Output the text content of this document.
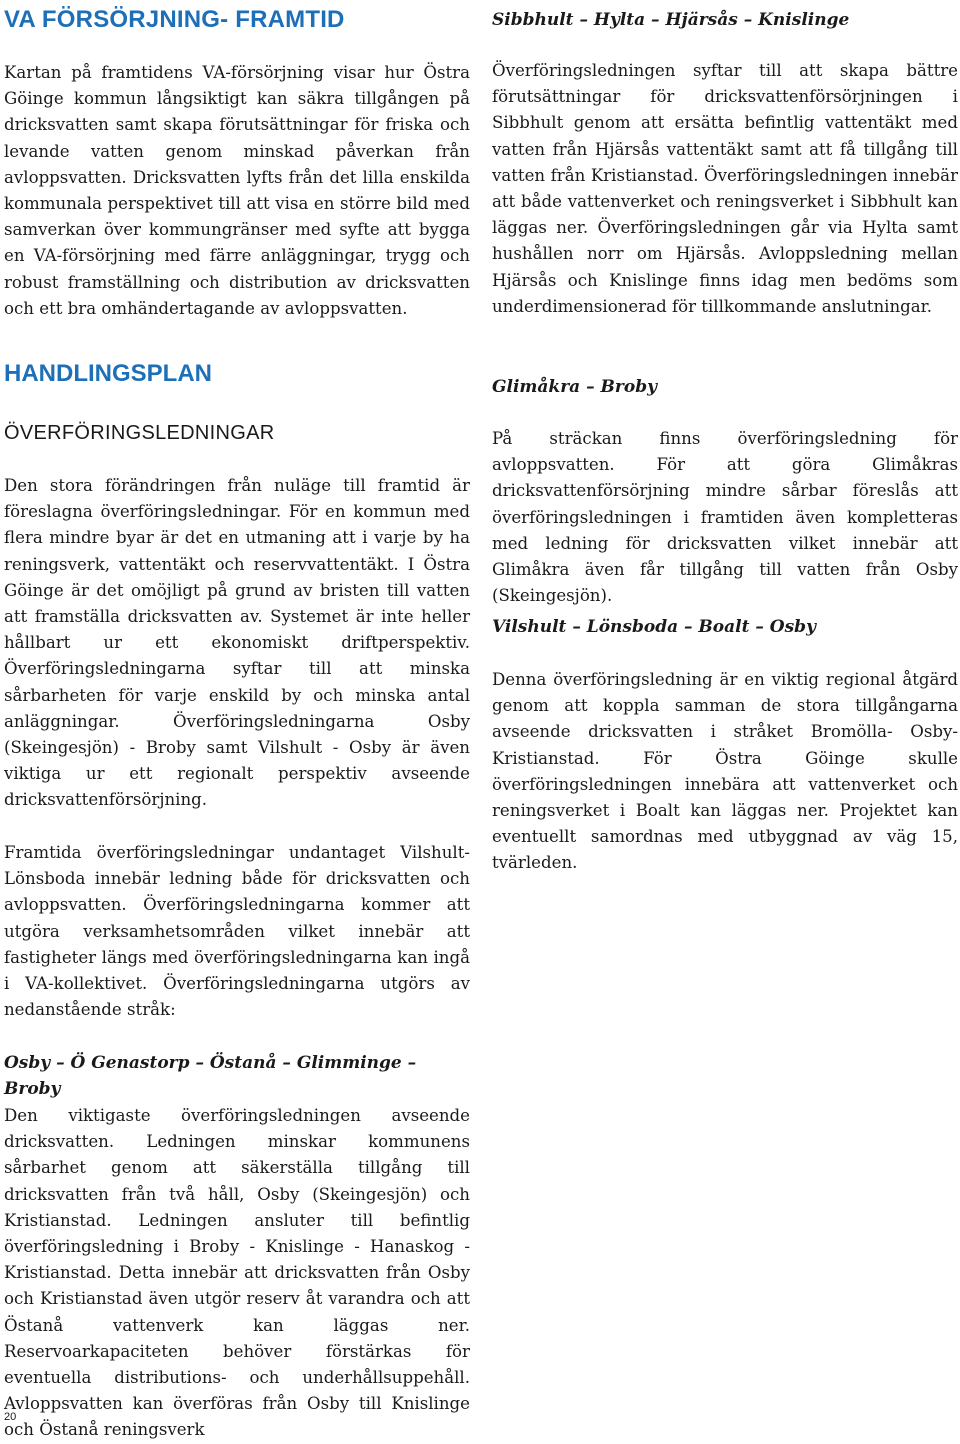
VA FÖRSÖRJNING- FRAMTID

Kartan på framtidens VA-försörjning visar hur Östra Göinge kommun långsiktigt kan säkra tillgången på dricksvatten samt skapa förutsättningar för friska och levande vatten genom minskad påverkan från avloppsvatten. Dricksvatten lyfts från det lilla enskilda kommunala perspektivet till att visa en större bild med samverkan över kommungränser med syfte att bygga en VA-försörjning med färre anläggningar, trygg och robust framställning och distribution av dricksvatten och ett bra omhändertagande av avloppsvatten.

HANDLINGSPLAN
ÖVERFÖRINGSLEDNINGAR

Den stora förändringen från nuläge till framtid är föreslagna överföringsledningar. För en kommun med flera mindre byar är det en utmaning att i varje by ha reningsverk, vattentäkt och reservvattentäkt. I Östra Göinge är det omöjligt på grund av bristen till vatten att framställa dricksvatten av. Systemet är inte heller hållbart ur ett ekonomiskt driftperspektiv. Överföringsledningarna syftar till att minska sårbarheten för varje enskild by och minska antal anläggningar. Överföringsledningarna Osby (Skeingesjön) - Broby samt Vilshult - Osby är även viktiga ur ett regionalt perspektiv avseende dricksvattenförsörjning.

Framtida överföringsledningar undantaget Vilshult-Lönsboda innebär ledning både för dricksvatten och avloppsvatten. Överföringsledningarna kommer att utgöra verksamhetsområden vilket innebär att fastigheter längs med överföringsledningarna kan ingå i VA-kollektivet. Överföringsledningarna utgörs av nedanstående stråk:

Osby – Ö Genastorp – Östanå – Glimminge – Broby

Den viktigaste överföringsledningen avseende dricksvatten. Ledningen minskar kommunens sårbarhet genom att säkerställa tillgång till dricksvatten från två håll, Osby (Skeingesjön) och Kristianstad. Ledningen ansluter till befintlig överföringsledning i Broby - Knislinge - Hanaskog -Kristianstad. Detta innebär att dricksvatten från Osby och Kristianstad även utgör reserv åt varandra och att Östanå vattenverk kan läggas ner. Reservoarkapaciteten behöver förstärkas för eventuella distributions- och underhållsuppehåll. Avloppsvatten kan överföras från Osby till Knislinge och Östanå reningsverk

Sibbhult – Hylta – Hjärsås – Knislinge

Överföringsledningen syftar till att skapa bättre förutsättningar för dricksvattenförsörjningen i Sibbhult genom att ersätta befintlig vattentäkt med vatten från Hjärsås vattentäkt samt att få tillgång till vatten från Kristianstad. Överföringsledningen innebär att både vattenverket och reningsverket i Sibbhult kan läggas ner. Överföringsledningen går via Hylta samt hushållen norr om Hjärsås. Avloppsledning mellan Hjärsås och Knislinge finns idag men bedöms som underdimensionerad för tillkommande anslutningar.

Glimåkra – Broby

På sträckan finns överföringsledning för avloppsvatten. För att göra Glimåkras dricksvattenförsörjning mindre sårbar föreslås att överföringsledningen i framtiden även kompletteras med ledning för dricksvatten vilket innebär att Glimåkra även får tillgång till vatten från Osby (Skeingesjön).

Vilshult – Lönsboda – Boalt – Osby

Denna överföringsledning är en viktig regional åtgärd genom att koppla samman de stora tillgångarna avseende dricksvatten i stråket Bromölla- Osby- Kristianstad. För Östra Göinge skulle överföringsledningen innebära att vattenverket och reningsverket i Boalt kan läggas ner. Projektet kan eventuellt samordnas med utbyggnad av väg 15, tvärleden.

20
